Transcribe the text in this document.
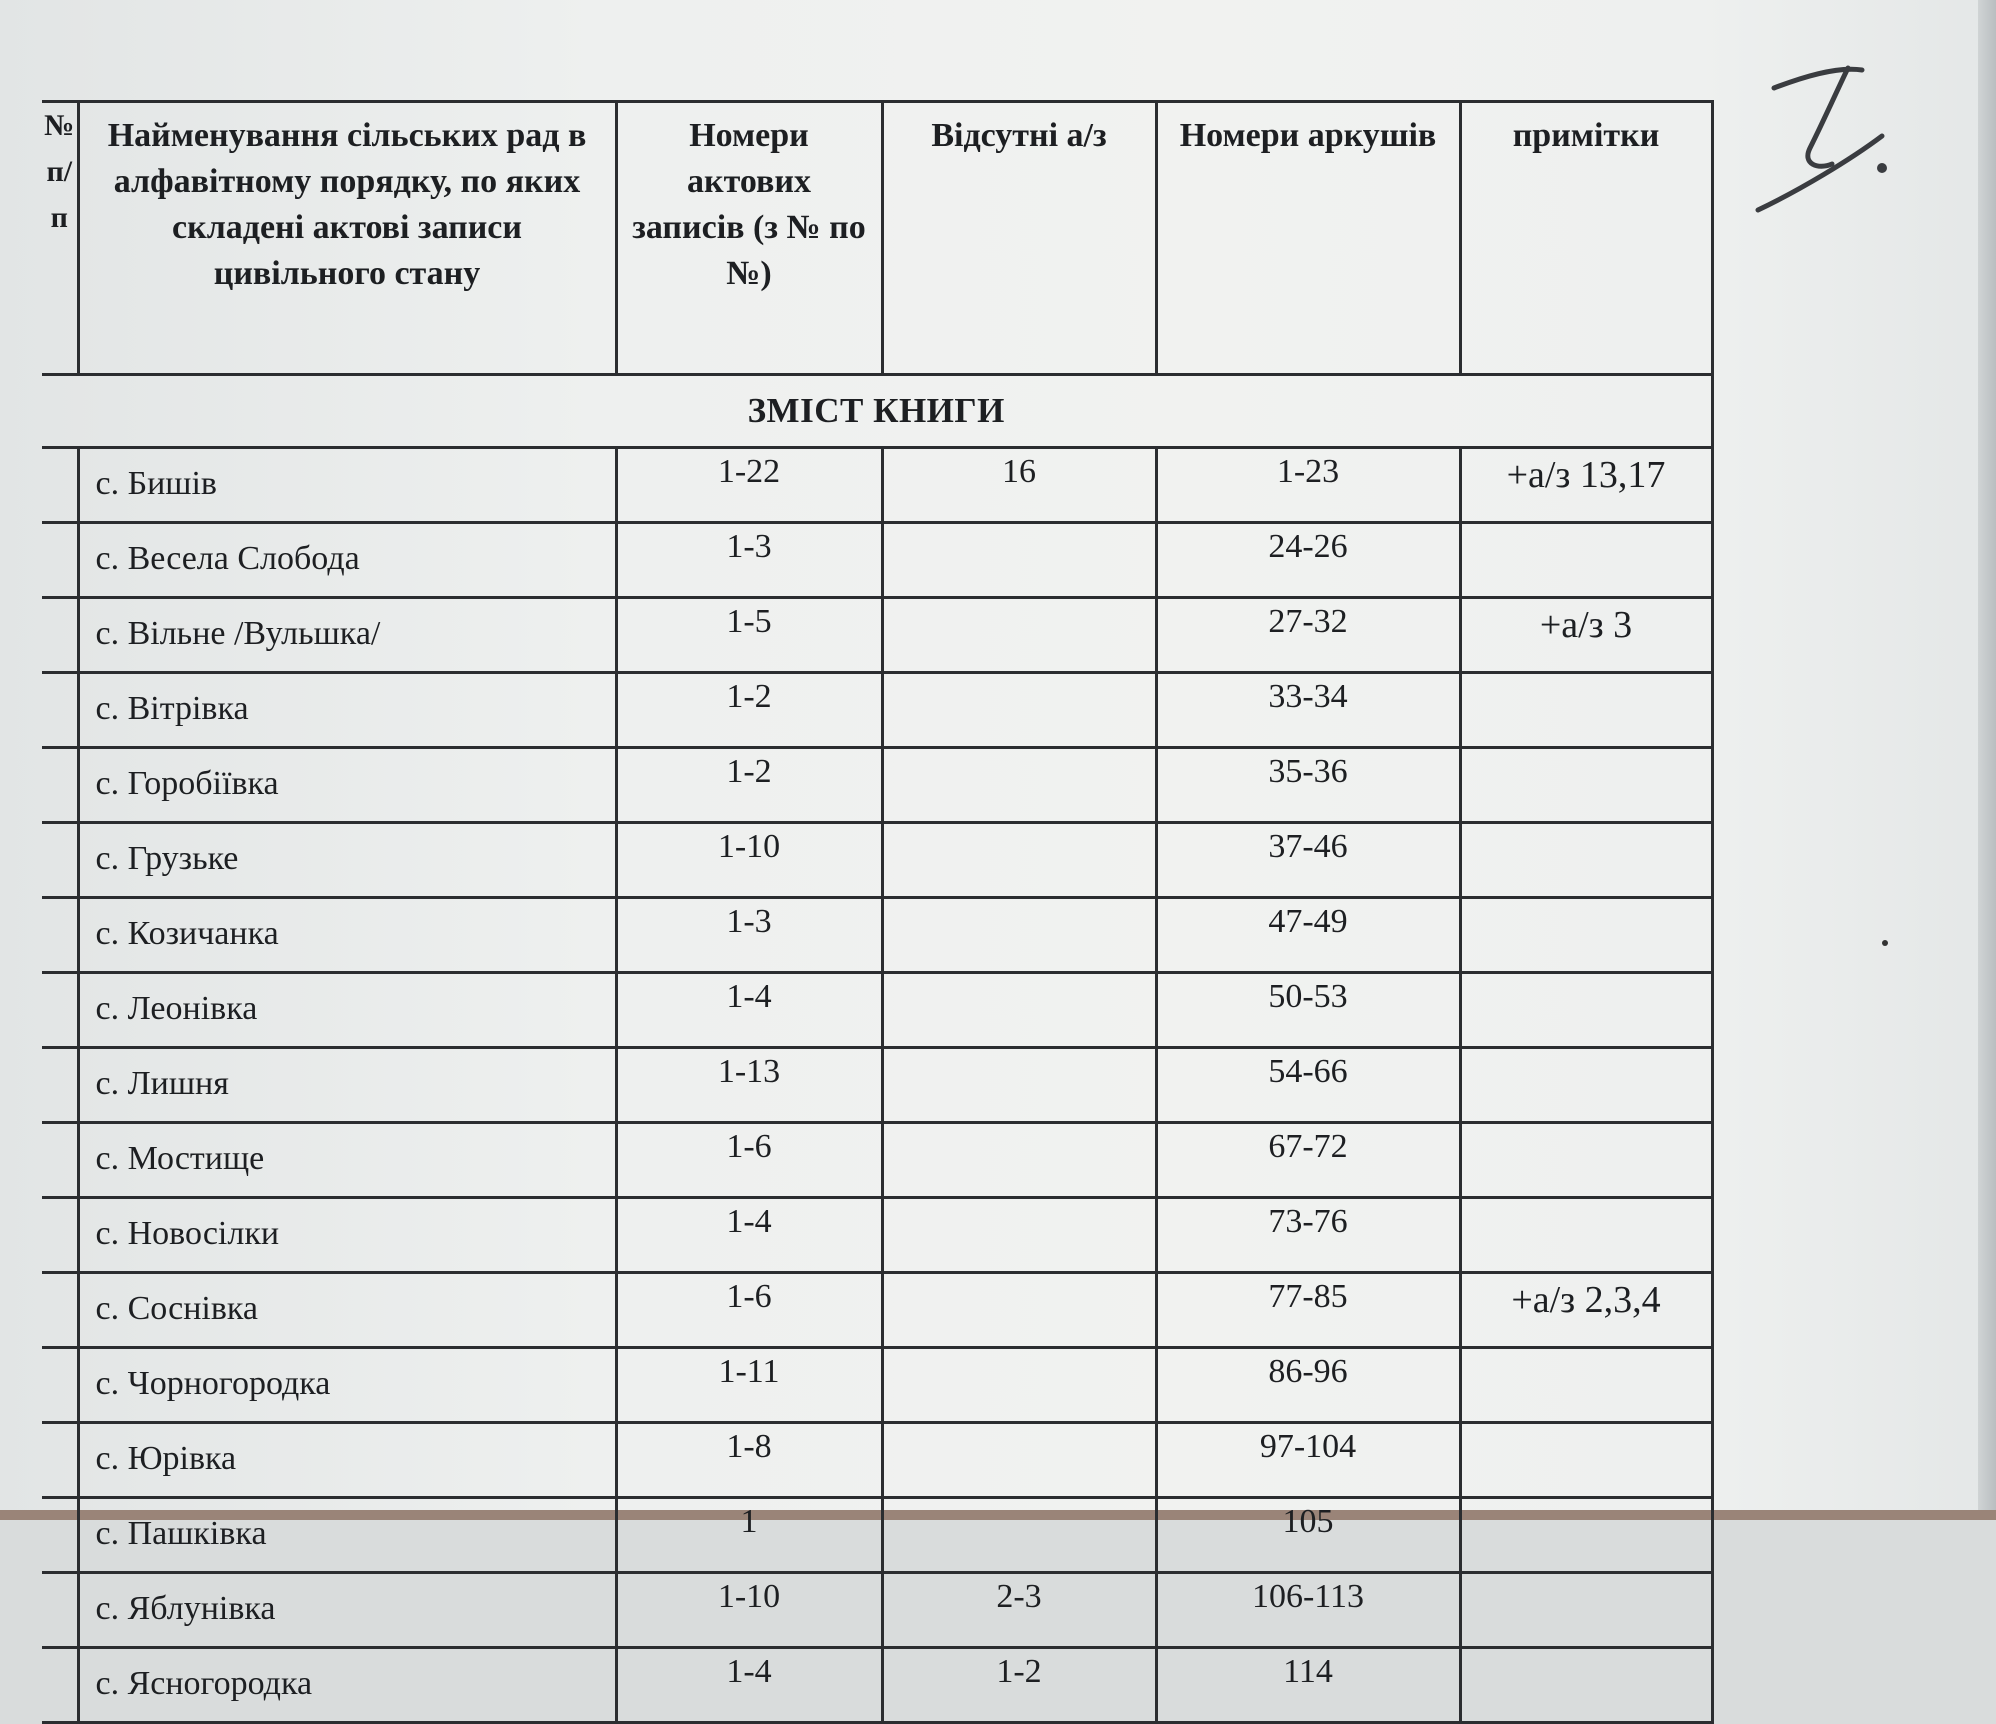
ЗМІСТ КНИГИ					
№ п/п	Найменування сільських рад в алфавітному порядку, по яких складені актові записи цивільного стану	Номери актових записів (з № по №)	Відсутні а/з	Номери аркушів	примітки
	с. Бишів	1-22	16	1-23	+а/з 13,17
	с. Весела Слобода	1-3		24-26	
	с. Вільне /Вульшка/	1-5		27-32	+а/з 3
	с. Вітрівка	1-2		33-34	
	с. Горобіївка	1-2		35-36	
	с. Грузьке	1-10		37-46	
	с. Козичанка	1-3		47-49	
	с. Леонівка	1-4		50-53	
	с. Лишня	1-13		54-66	
	с. Мостище	1-6		67-72	
	с. Новосілки	1-4		73-76	
	с. Соснівка	1-6		77-85	+а/з 2,3,4
	с. Чорногородка	1-11		86-96	
	с. Юрівка	1-8		97-104	
	с. Пашківка	1		105	
	с. Яблунівка	1-10	2-3	106-113	
	с. Ясногородка	1-4	1-2	114	
